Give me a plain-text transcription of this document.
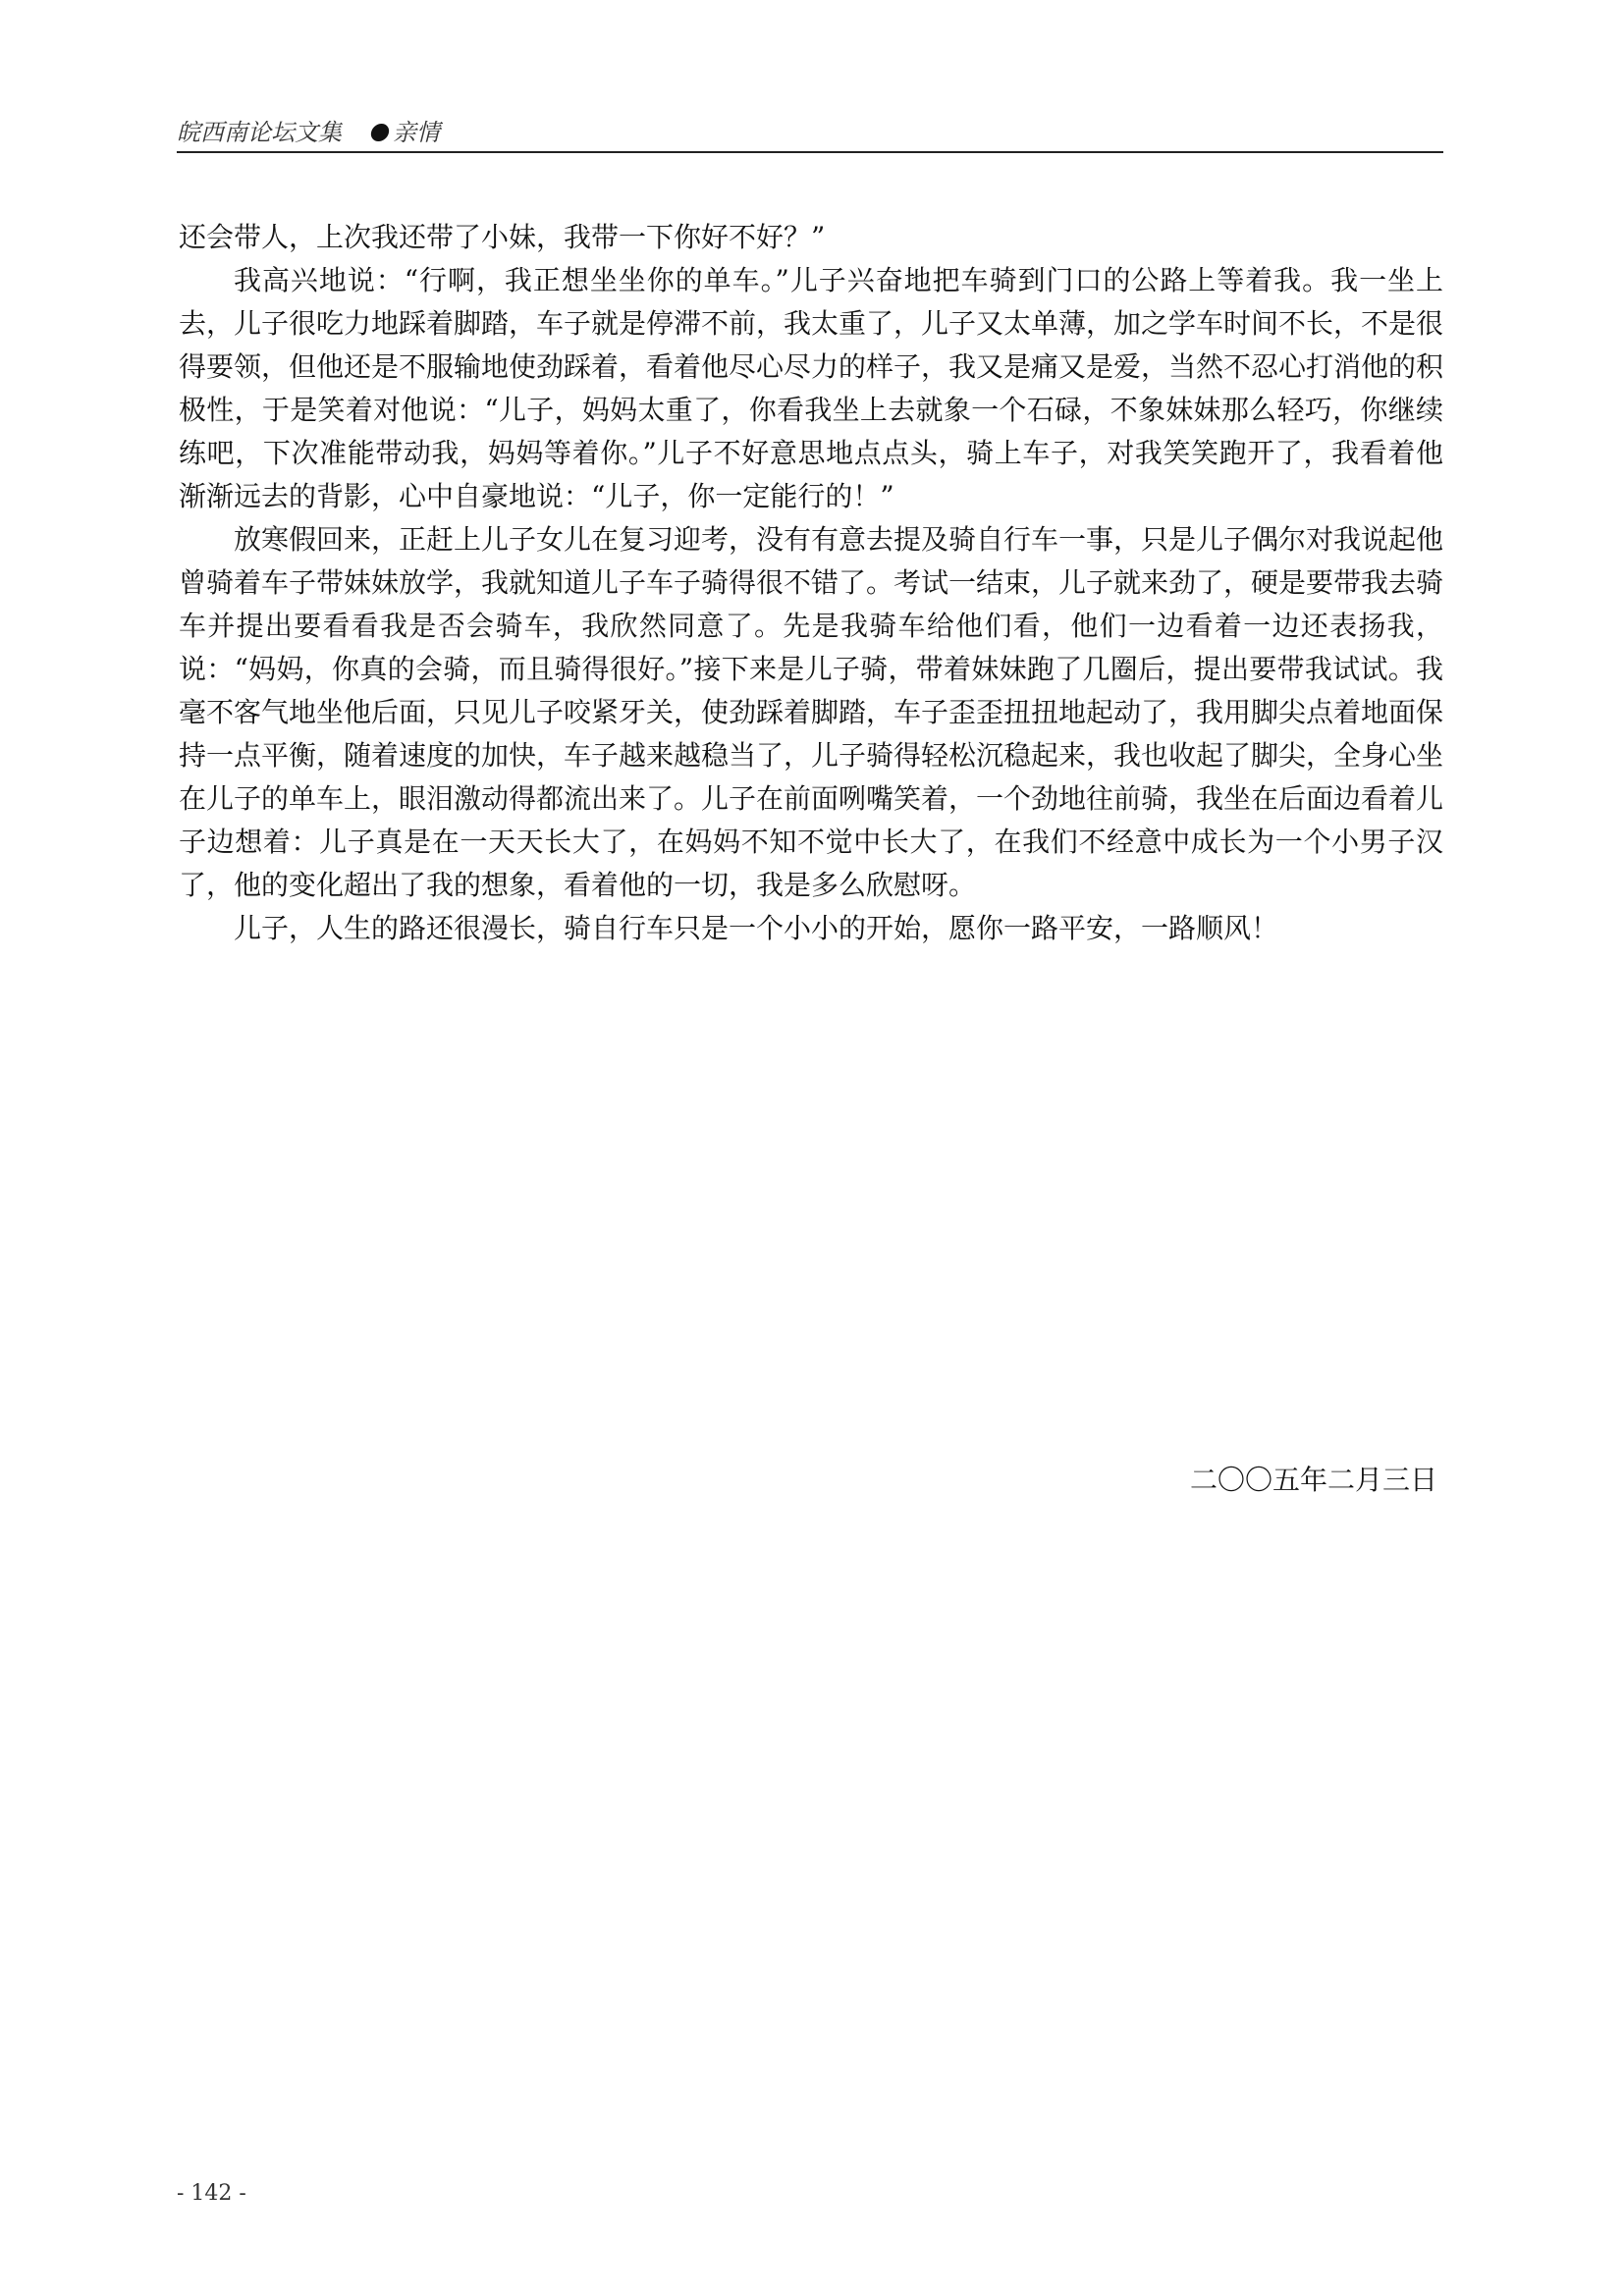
皖西南论坛文集 亲情

还会带人，上次我还带了小妹，我带一下你好不好？”

我高兴地说：“行啊，我正想坐坐你的单车。”儿子兴奋地把车骑到门口的公路上等着我。我一坐上去，儿子很吃力地踩着脚踏，车子就是停滞不前，我太重了，儿子又太单薄，加之学车时间不长，不是很得要领，但他还是不服输地使劲踩着，看着他尽心尽力的样子，我又是痛又是爱，当然不忍心打消他的积极性，于是笑着对他说：“儿子，妈妈太重了，你看我坐上去就象一个石碌，不象妹妹那么轻巧，你继续练吧，下次准能带动我，妈妈等着你。”儿子不好意思地点点头，骑上车子，对我笑笑跑开了，我看着他渐渐远去的背影，心中自豪地说：“儿子，你一定能行的！”

放寒假回来，正赶上儿子女儿在复习迎考，没有有意去提及骑自行车一事，只是儿子偶尔对我说起他曾骑着车子带妹妹放学，我就知道儿子车子骑得很不错了。考试一结束，儿子就来劲了，硬是要带我去骑车并提出要看看我是否会骑车，我欣然同意了。先是我骑车给他们看，他们一边看着一边还表扬我，说：“妈妈，你真的会骑，而且骑得很好。”接下来是儿子骑，带着妹妹跑了几圈后，提出要带我试试。我毫不客气地坐他后面，只见儿子咬紧牙关，使劲踩着脚踏，车子歪歪扭扭地起动了，我用脚尖点着地面保持一点平衡，随着速度的加快，车子越来越稳当了，儿子骑得轻松沉稳起来，我也收起了脚尖，全身心坐在儿子的单车上，眼泪激动得都流出来了。儿子在前面咧嘴笑着，一个劲地往前骑，我坐在后面边看着儿子边想着：儿子真是在一天天长大了，在妈妈不知不觉中长大了，在我们不经意中成长为一个小男子汉了，他的变化超出了我的想象，看着他的一切，我是多么欣慰呀。

儿子，人生的路还很漫长，骑自行车只是一个小小的开始，愿你一路平安，一路顺风！

二〇〇五年二月三日
- 142 -
